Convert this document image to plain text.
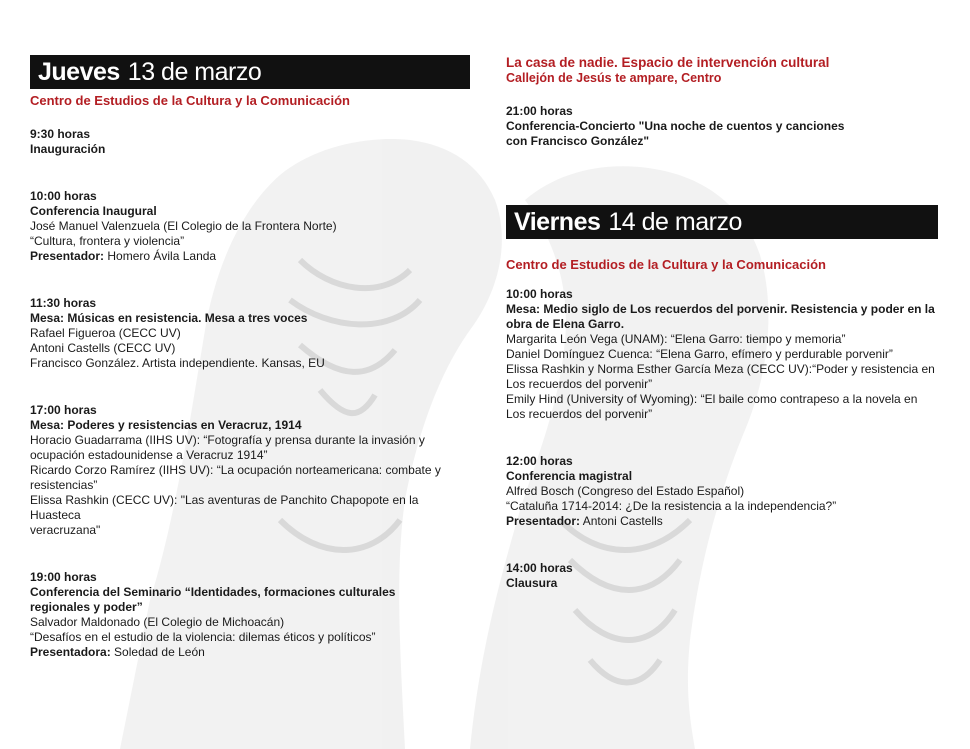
Jueves 13 de marzo
Centro de Estudios de la Cultura y la Comunicación
9:30 horas
Inauguración
10:00 horas
Conferencia Inaugural
José Manuel Valenzuela (El Colegio de la Frontera Norte)
“Cultura, frontera y violencia”
Presentador: Homero Ávila Landa
11:30 horas
Mesa: Músicas en resistencia. Mesa a tres voces
Rafael Figueroa (CECC UV)
Antoni Castells (CECC UV)
Francisco González. Artista independiente. Kansas, EU
17:00 horas
Mesa: Poderes y resistencias en Veracruz, 1914
Horacio Guadarrama (IIHS UV): “Fotografía y prensa durante la invasión y
ocupación estadounidense a Veracruz 1914”
Ricardo Corzo Ramírez (IIHS UV): “La ocupación norteamericana: combate y
resistencias”
Elissa Rashkin (CECC UV): "Las aventuras de Panchito Chapopote en la Huasteca
veracruzana"
19:00 horas
Conferencia del Seminario “Identidades, formaciones culturales regionales y poder”
Salvador Maldonado (El Colegio de Michoacán)
“Desafíos en el estudio de la violencia: dilemas éticos y políticos”
Presentadora: Soledad de León
La casa de nadie. Espacio de intervención cultural
Callejón de Jesús te ampare, Centro
21:00 horas
Conferencia-Concierto "Una noche de cuentos y canciones con Francisco González"
Viernes 14 de marzo
Centro de Estudios de la Cultura y la Comunicación
10:00 horas
Mesa: Medio siglo de Los recuerdos del porvenir. Resistencia y poder en la obra de Elena Garro.
Margarita León Vega (UNAM): “Elena Garro: tiempo y memoria”
Daniel Domínguez Cuenca: “Elena Garro, efímero y perdurable porvenir”
Elissa Rashkin y Norma Esther García Meza (CECC UV):“Poder y resistencia en
Los recuerdos del porvenir”
Emily Hind (University of Wyoming): “El baile como contrapeso a la novela en
Los recuerdos del porvenir”
12:00 horas
Conferencia magistral
Alfred Bosch (Congreso del Estado Español)
“Cataluña 1714-2014: ¿De la resistencia a la independencia?”
Presentador: Antoni Castells
14:00 horas
Clausura
